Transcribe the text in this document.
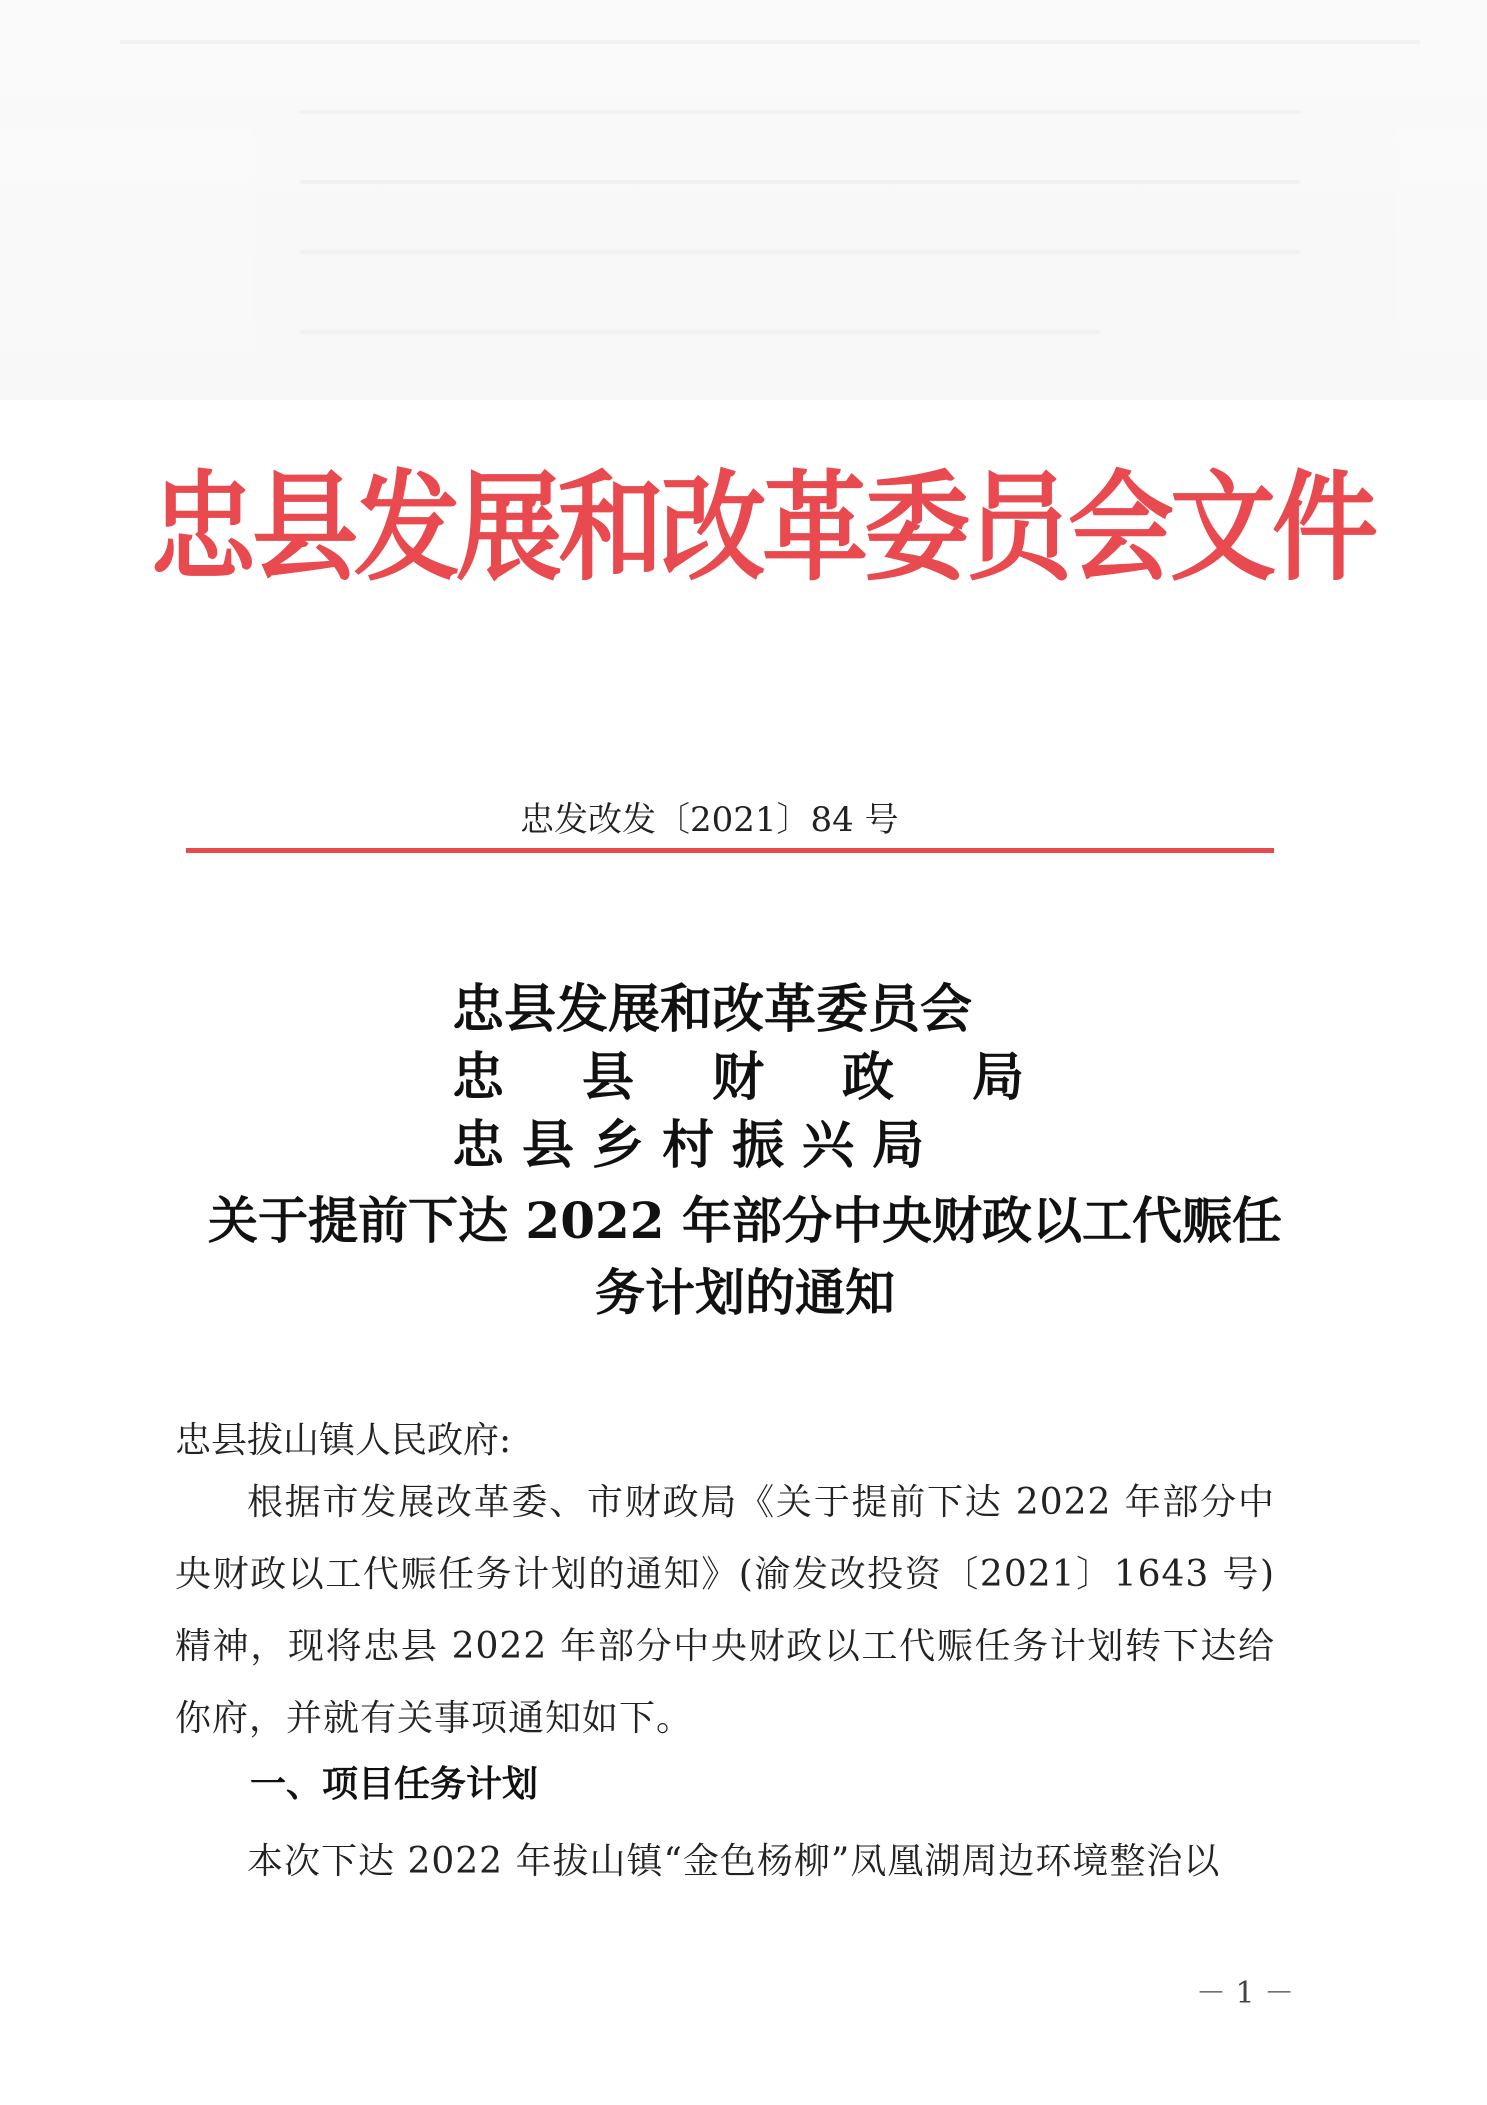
忠县发展和改革委员会文件
忠发改发〔2021〕84 号
忠县发展和改革委员会
忠县财政局
忠县乡村振兴局
关于提前下达 2022 年部分中央财政以工代赈任务计划的通知
忠县拔山镇人民政府:
根据市发展改革委、市财政局《关于提前下达 2022 年部分中央财政以工代赈任务计划的通知》(渝发改投资〔2021〕1643 号)精神，现将忠县 2022 年部分中央财政以工代赈任务计划转下达给你府，并就有关事项通知如下。
一、项目任务计划
本次下达 2022 年拔山镇“金色杨柳”凤凰湖周边环境整治以
－ 1 －
